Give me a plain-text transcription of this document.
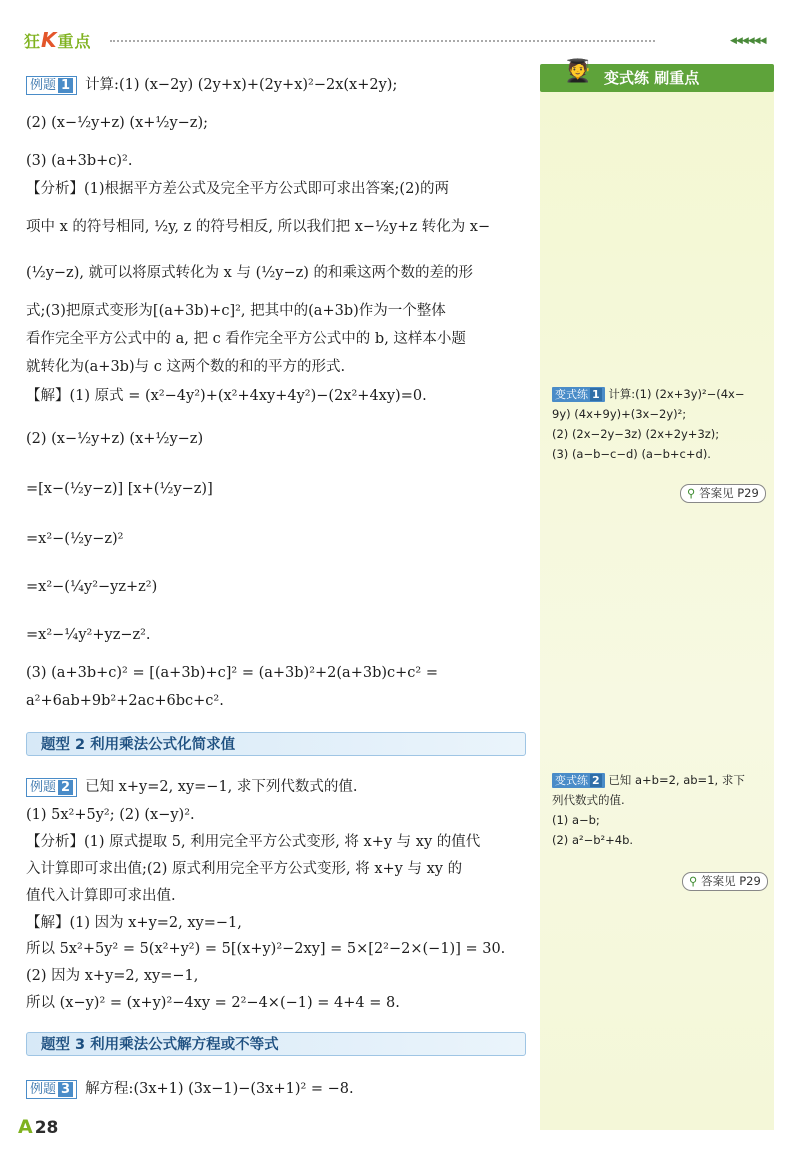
狂K重点	◀◀◀◀◀◀
🧑‍🎓 变式练 刷重点
变式练 1 计算:(1) (2x+3y)²−(4x−
9y) (4x+9y)+(3x−2y)²;
(2) (2x−2y−3z) (2x+2y+3z);
(3) (a−b−c−d) (a−b+c+d).
⚲ 答案见 P29
变式练 2 已知 a+b=2, ab=1, 求下
列代数式的值.
(1) a−b;
(2) a²−b²+4b.
⚲ 答案见 P29
例题 1 计算:(1) (x−2y) (2y+x)+(2y+x)²−2x(x+2y);
(2) (x−½y+z) (x+½y−z);
(3) (a+3b+c)².
【分析】(1)根据平方差公式及完全平方公式即可求出答案;(2)的两
项中 x 的符号相同, ½y, z 的符号相反, 所以我们把 x−½y+z 转化为 x−
(½y−z), 就可以将原式转化为 x 与 (½y−z) 的和乘这两个数的差的形
式;(3)把原式变形为[(a+3b)+c]², 把其中的(a+3b)作为一个整体
看作完全平方公式中的 a, 把 c 看作完全平方公式中的 b, 这样本小题
就转化为(a+3b)与 c 这两个数的和的平方的形式.
【解】(1) 原式 = (x²−4y²)+(x²+4xy+4y²)−(2x²+4xy)=0.
(2) (x−½y+z) (x+½y−z)
=[x−(½y−z)] [x+(½y−z)]
=x²−(½y−z)²
=x²−(¼y²−yz+z²)
=x²−¼y²+yz−z².
(3) (a+3b+c)² = [(a+3b)+c]² = (a+3b)²+2(a+3b)c+c² =
a²+6ab+9b²+2ac+6bc+c².
题型 2 利用乘法公式化简求值
例题 2 已知 x+y=2, xy=−1, 求下列代数式的值.
(1) 5x²+5y²; (2) (x−y)².
【分析】(1) 原式提取 5, 利用完全平方公式变形, 将 x+y 与 xy 的值代
入计算即可求出值;(2) 原式利用完全平方公式变形, 将 x+y 与 xy 的
值代入计算即可求出值.
【解】(1) 因为 x+y=2, xy=−1,
所以 5x²+5y² = 5(x²+y²) = 5[(x+y)²−2xy] = 5×[2²−2×(−1)] = 30.
(2) 因为 x+y=2, xy=−1,
所以 (x−y)² = (x+y)²−4xy = 2²−4×(−1) = 4+4 = 8.
题型 3 利用乘法公式解方程或不等式
例题 3 解方程:(3x+1) (3x−1)−(3x+1)² = −8.
A 28
